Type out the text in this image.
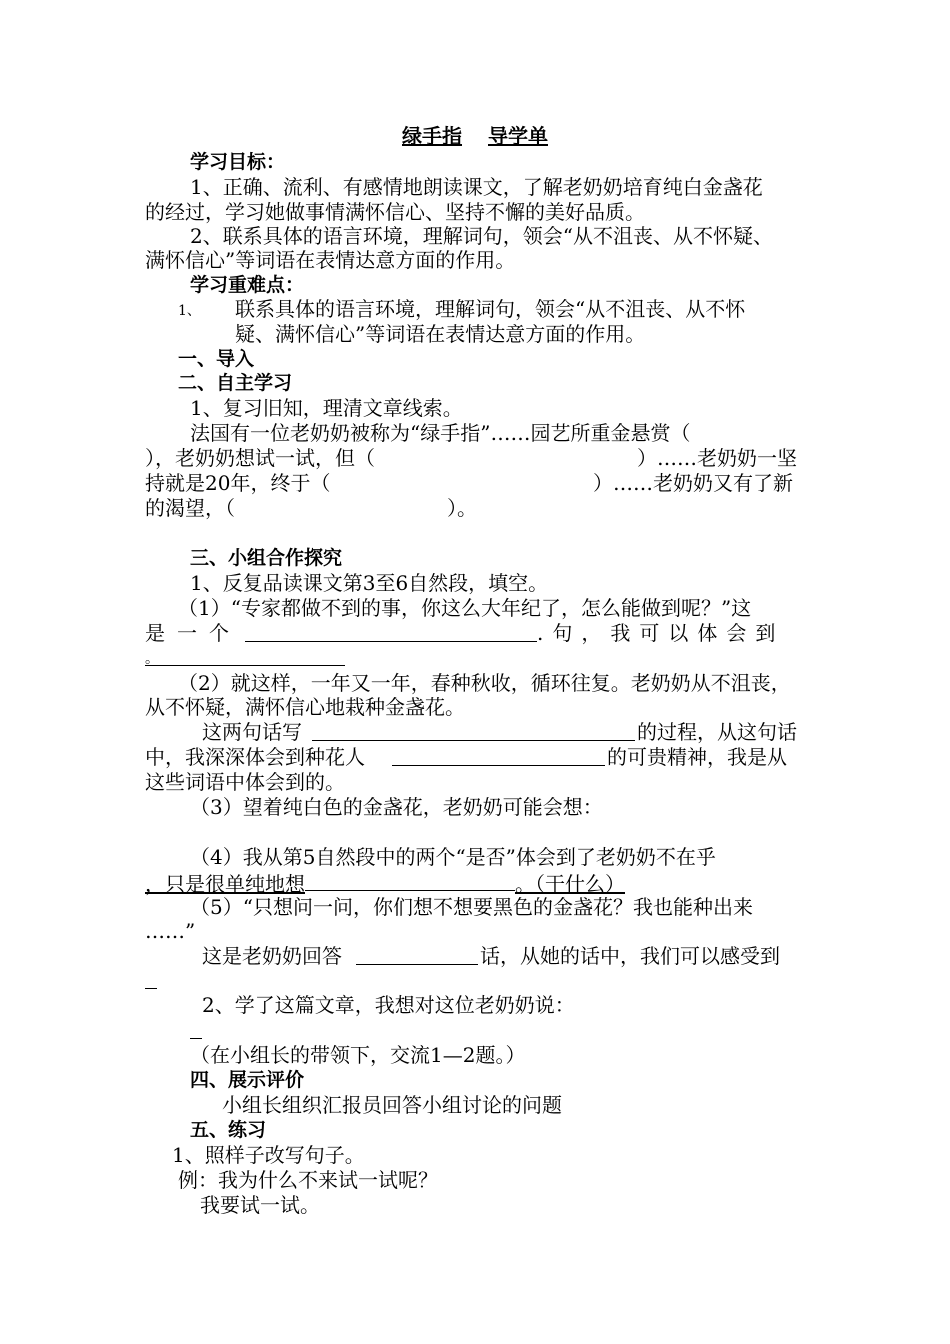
绿手指 导学单
学习目标：
1、正确、流利、有感情地朗读课文，了解老奶奶培育纯白金盏花
的经过，学习她做事情满怀信心、坚持不懈的美好品质。
2、联系具体的语言环境，理解词句，领会“从不沮丧、从不怀疑、
满怀信心”等词语在表情达意方面的作用。
学习重难点：
1、 联系具体的语言环境，理解词句，领会“从不沮丧、从不怀
疑、满怀信心”等词语在表情达意方面的作用。
一、导入
二、自主学习
1、复习旧知，理清文章线索。
法国有一位老奶奶被称为“绿手指”……园艺所重金悬赏（
），老奶奶想试一试，但（	）……老奶奶一坚
持就是20年，终于（	）……老奶奶又有了新
的渴望，（	）。
三、小组合作探究
1、反复品读课文第3至6自然段，填空。
（1）“专家都做不到的事，你这么大年纪了，怎么能做到呢？”这
是一个	.句，我可以体会到
。
（2）就这样，一年又一年，春种秋收，循环往复。老奶奶从不沮丧，
从不怀疑，满怀信心地栽种金盏花。
这两句话写	的过程，从这句话
中，我深深体会到种花人	的可贵精神，我是从
这些词语中体会到的。
（3）望着纯白色的金盏花，老奶奶可能会想：
（4）我从第5自然段中的两个“是否”体会到了老奶奶不在乎
，只是很单纯地想	。（干什么）
（5）“只想问一问，你们想不想要黑色的金盏花？我也能种出来
……”
这是老奶奶回答	话，从她的话中，我们可以感受到
2、学了这篇文章，我想对这位老奶奶说：
（在小组长的带领下，交流1—2题。）
四、展示评价
小组长组织汇报员回答小组讨论的问题
五、练习
1、照样子改写句子。
例：我为什么不来试一试呢？
我要试一试。
